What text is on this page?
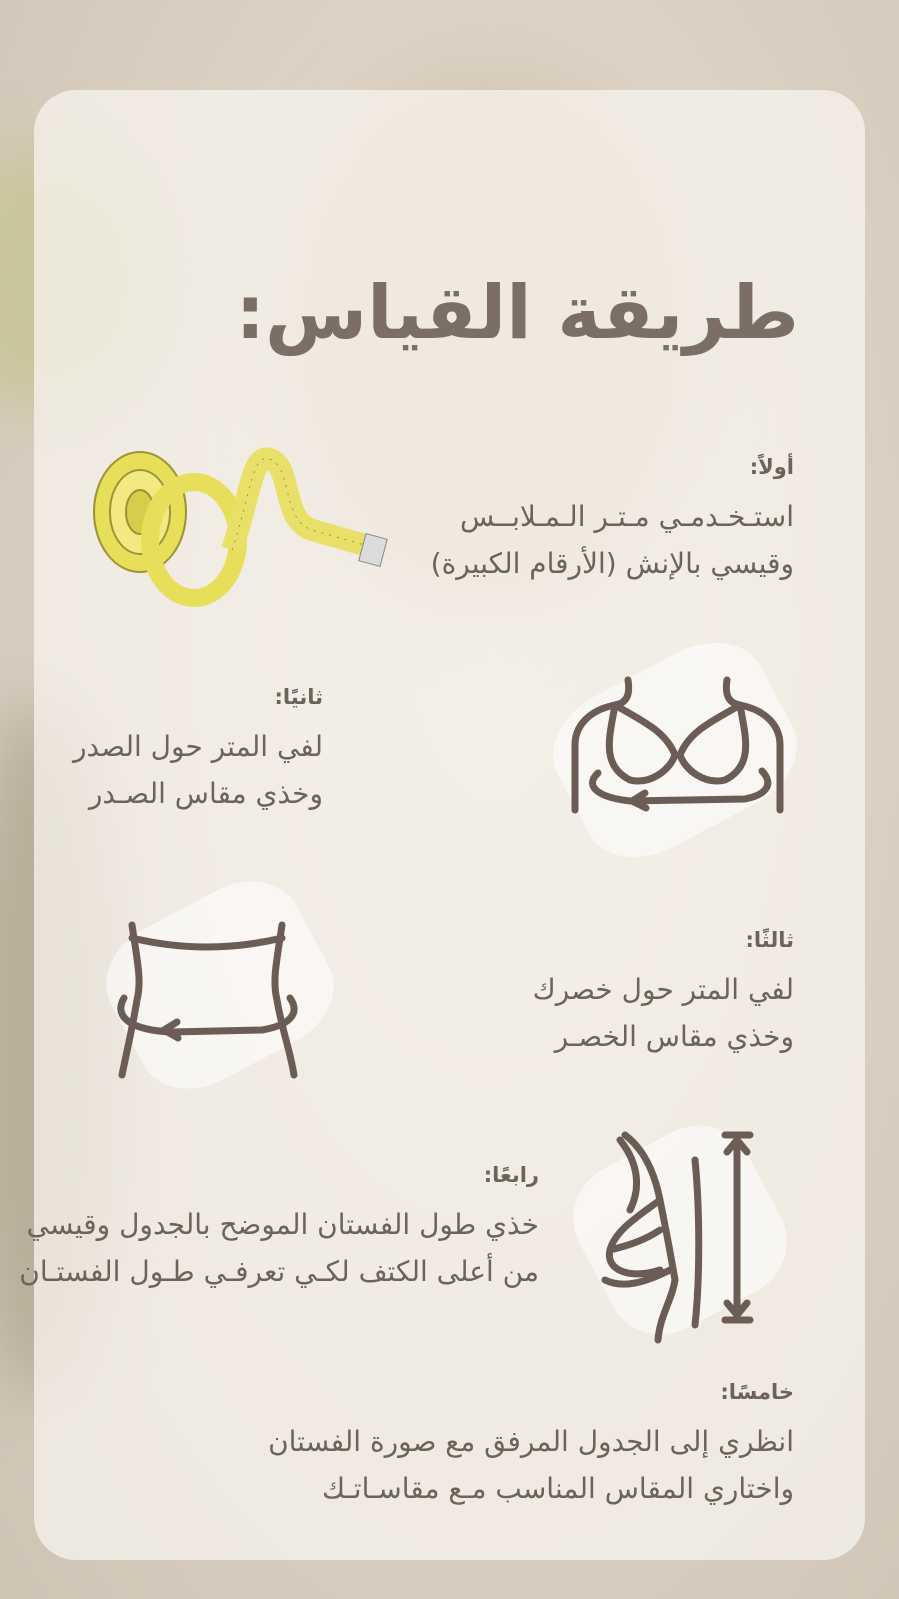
طريقة القياس:
أولاً:
استـخـدمـي مـتـر الـمـلابــس
وقيسي بالإنش (الأرقام الكبيرة)
ثانيًا:
لفي المتر حول الصدر
وخذي مقاس الصـدر
ثالثًا:
لفي المتر حول خصرك
وخذي مقاس الخصـر
رابعًا:
خذي طول الفستان الموضح بالجدول وقيسي
من أعلى الكتف لكـي تعرفـي طـول الفستـان
خامسًا:
انظري إلى الجدول المرفق مع صورة الفستان
واختاري المقاس المناسب مـع مقاسـاتـك
